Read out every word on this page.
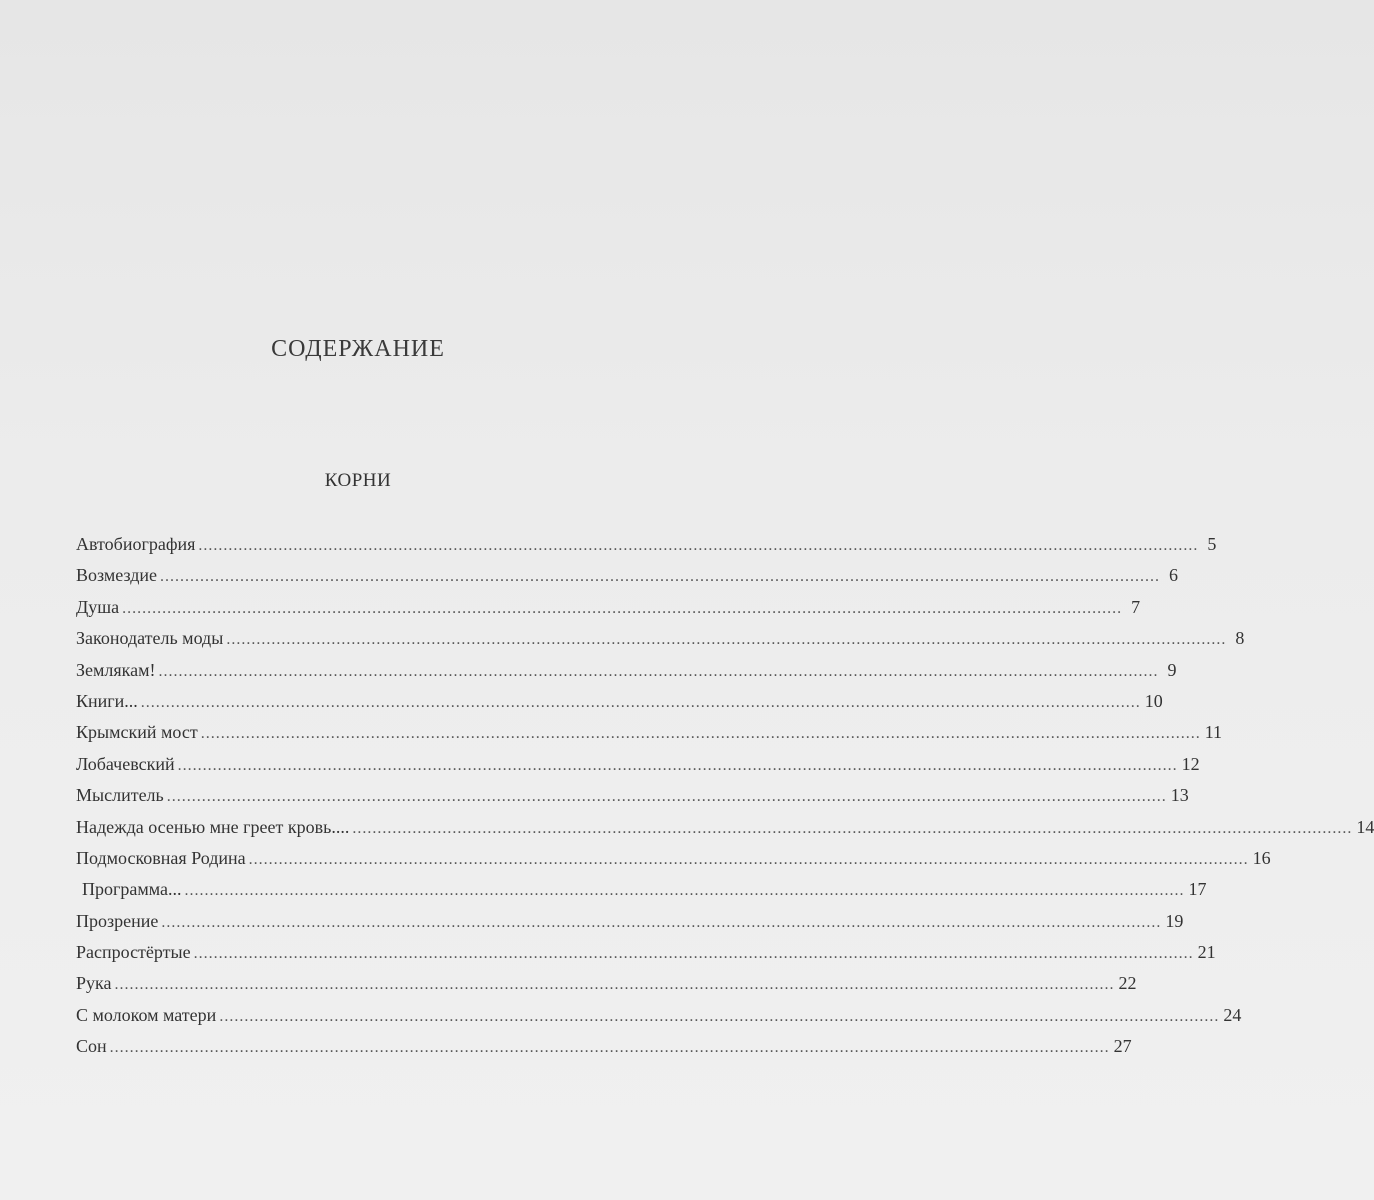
СОДЕРЖАНИЕ
КОРНИ
Автобиография ........................................................................................................................................................................................................ 5
Возмездие ........................................................................................................................................................................................................ 6
Душа ........................................................................................................................................................................................................ 7
Законодатель моды ........................................................................................................................................................................................................ 8
Землякам! ........................................................................................................................................................................................................ 9
Книги... ........................................................................................................................................................................................................ 10
Крымский мост ........................................................................................................................................................................................................ 11
Лобачевский ........................................................................................................................................................................................................ 12
Мыслитель ........................................................................................................................................................................................................ 13
Надежда осенью мне греет кровь.... ........................................................................................................................................................................................................ 14
Подмосковная Родина ........................................................................................................................................................................................................ 16
Программа... ........................................................................................................................................................................................................ 17
Прозрение ........................................................................................................................................................................................................ 19
Распростёртые ........................................................................................................................................................................................................ 21
Рука ........................................................................................................................................................................................................ 22
С молоком матери ........................................................................................................................................................................................................ 24
Сон ........................................................................................................................................................................................................ 27
